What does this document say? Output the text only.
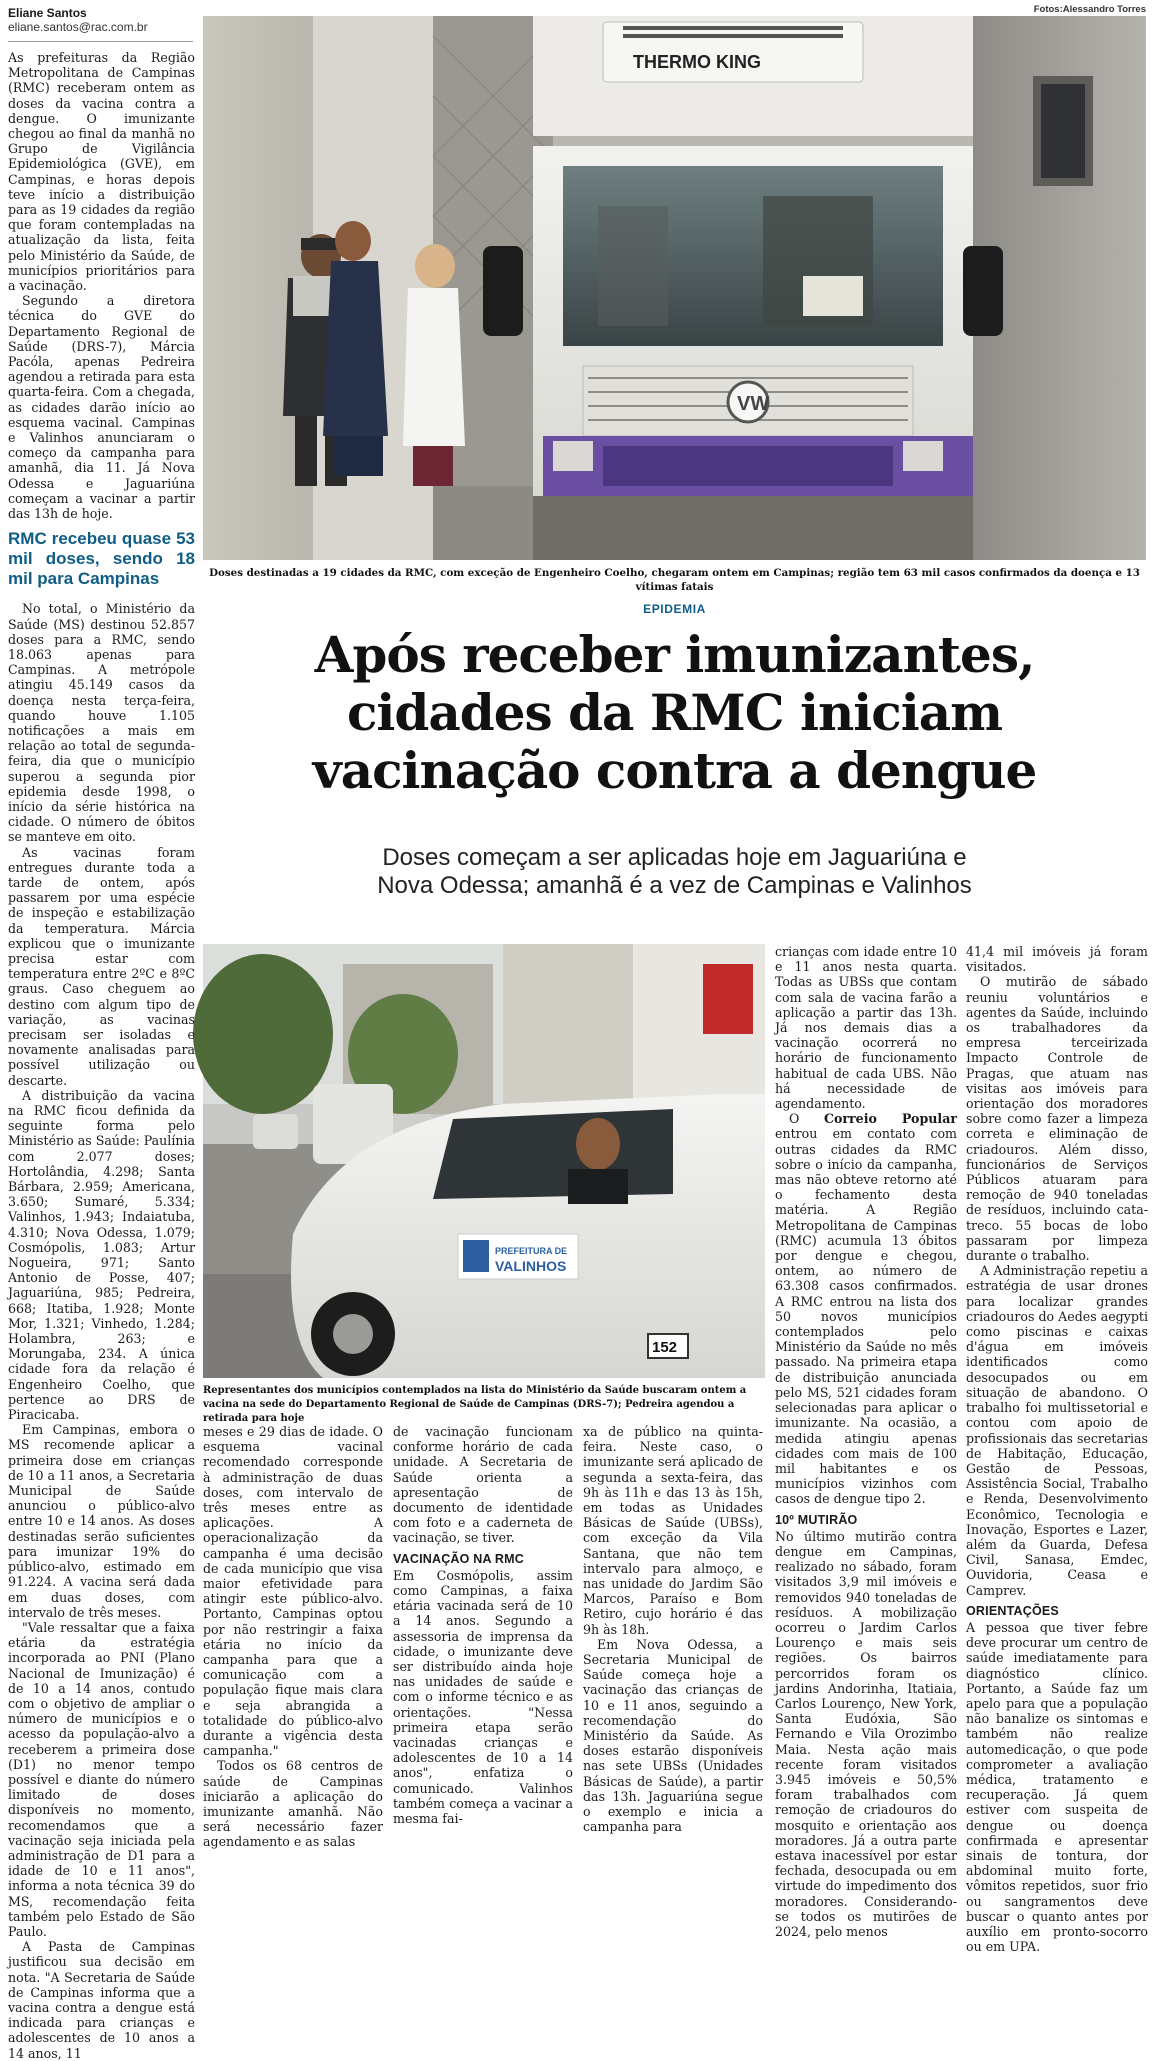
Eliane Santos
eliane.santos@rac.com.br
Fotos:Alessandro Torres
THERMO KING
VW
Doses destinadas a 19 cidades da RMC, com exceção de Engenheiro Coelho, chegaram ontem em Campinas; região tem 63 mil casos confirmados da doença e 13 vítimas fatais
EPIDEMIA
Após receber imunizantes,
cidades da RMC iniciam
vacinação contra a dengue
Doses começam a ser aplicadas hoje em Jaguariúna e
Nova Odessa; amanhã é a vez de Campinas e Valinhos
PREFEITURA DE
VALINHOS
152
Representantes dos municípios contemplados na lista do Ministério da Saúde buscaram ontem a vacina na sede do Departamento Regional de Saúde de Campinas (DRS-7); Pedreira agendou a retirada para hoje

As prefeituras da Região Metropolitana de Campinas (RMC) receberam ontem as doses da vacina contra a dengue. O imunizante chegou ao final da manhã no Grupo de Vigilância Epidemiológica (GVE), em Campinas, e horas depois teve início a distribuição para as 19 cidades da região que foram contempladas na atualização da lista, feita pelo Ministério da Saúde, de municípios prioritários para a vacinação.

Segundo a diretora técnica do GVE do Departamento Regional de Saúde (DRS-7), Márcia Pacóla, apenas Pedreira agendou a retirada para esta quarta-feira. Com a chegada, as cidades darão início ao esquema vacinal. Campinas e Valinhos anunciaram o começo da campanha para amanhã, dia 11. Já Nova Odessa e Jaguariúna começam a vacinar a partir das 13h de hoje.

RMC recebeu quase 53 mil doses, sendo 18 mil para Campinas

No total, o Ministério da Saúde (MS) destinou 52.857 doses para a RMC, sendo 18.063 apenas para Campinas. A metrópole atingiu 45.149 casos da doença nesta terça-feira, quando houve 1.105 notificações a mais em relação ao total de segunda-feira, dia que o município superou a segunda pior epidemia desde 1998, o início da série histórica na cidade. O número de óbitos se manteve em oito.

As vacinas foram entregues durante toda a tarde de ontem, após passarem por uma espécie de inspeção e estabilização da temperatura. Márcia explicou que o imunizante precisa estar com temperatura entre 2ºC e 8ºC graus. Caso cheguem ao destino com algum tipo de variação, as vacinas precisam ser isoladas e novamente analisadas para possível utilização ou descarte.

A distribuição da vacina na RMC ficou definida da seguinte forma pelo Ministério as Saúde: Paulínia com 2.077 doses; Hortolândia, 4.298; Santa Bárbara, 2.959; Americana, 3.650; Sumaré, 5.334; Valinhos, 1.943; Indaiatuba, 4.310; Nova Odessa, 1.079; Cosmópolis, 1.083; Artur Nogueira, 971; Santo Antonio de Posse, 407; Jaguariúna, 985; Pedreira, 668; Itatiba, 1.928; Monte Mor, 1.321; Vinhedo, 1.284; Holambra, 263; e Morungaba, 234. A única cidade fora da relação é Engenheiro Coelho, que pertence ao DRS de Piracicaba.

Em Campinas, embora o MS recomende aplicar a primeira dose em crianças de 10 a 11 anos, a Secretaria Municipal de Saúde anunciou o público-alvo entre 10 e 14 anos. As doses destinadas serão suficientes para imunizar 19% do público-alvo, estimado em 91.224. A vacina será dada em duas doses, com intervalo de três meses.

"Vale ressaltar que a faixa etária da estratégia incorporada ao PNI (Plano Nacional de Imunização) é de 10 a 14 anos, contudo com o objetivo de ampliar o número de municípios e o acesso da população-alvo a receberem a primeira dose (D1) no menor tempo possível e diante do número limitado de doses disponíveis no momento, recomendamos que a vacinação seja iniciada pela administração de D1 para a idade de 10 e 11 anos", informa a nota técnica 39 do MS, recomendação feita também pelo Estado de São Paulo.

A Pasta de Campinas justificou sua decisão em nota. "A Secretaria de Saúde de Campinas informa que a vacina contra a dengue está indicada para crianças e adolescentes de 10 anos a 14 anos, 11

meses e 29 dias de idade. O esquema vacinal recomendado corresponde à administração de duas doses, com intervalo de três meses entre as aplicações. A operacionalização da campanha é uma decisão de cada município que visa maior efetividade para atingir este público-alvo. Portanto, Campinas optou por não restringir a faixa etária no início da campanha para que a comunicação com a população fique mais clara e seja abrangida a totalidade do público-alvo durante a vigência desta campanha."

Todos os 68 centros de saúde de Campinas iniciarão a aplicação do imunizante amanhã. Não será necessário fazer agendamento e as salas

de vacinação funcionam conforme horário de cada unidade. A Secretaria de Saúde orienta a apresentação de documento de identidade com foto e a caderneta de vacinação, se tiver.

VACINAÇÃO NA RMC

Em Cosmópolis, assim como Campinas, a faixa etária vacinada será de 10 a 14 anos. Segundo a assessoria de imprensa da cidade, o imunizante deve ser distribuído ainda hoje nas unidades de saúde e com o informe técnico e as orientações. "Nessa primeira etapa serão vacinadas crianças e adolescentes de 10 a 14 anos", enfatiza o comunicado. Valinhos também começa a vacinar a mesma fai-

xa de público na quinta-feira. Neste caso, o imunizante será aplicado de segunda a sexta-feira, das 9h às 11h e das 13 às 15h, em todas as Unidades Básicas de Saúde (UBSs), com exceção da Vila Santana, que não tem intervalo para almoço, e nas unidade do Jardim São Marcos, Paraíso e Bom Retiro, cujo horário é das 9h às 18h.

Em Nova Odessa, a Secretaria Municipal de Saúde começa hoje a vacinação das crianças de 10 e 11 anos, seguindo a recomendação do Ministério da Saúde. As doses estarão disponíveis nas sete UBSs (Unidades Básicas de Saúde), a partir das 13h. Jaguariúna segue o exemplo e inicia a campanha para

crianças com idade entre 10 e 11 anos nesta quarta. Todas as UBSs que contam com sala de vacina farão a aplicação a partir das 13h. Já nos demais dias a vacinação ocorrerá no horário de funcionamento habitual de cada UBS. Não há necessidade de agendamento.

O Correio Popular entrou em contato com outras cidades da RMC sobre o início da campanha, mas não obteve retorno até o fechamento desta matéria. A Região Metropolitana de Campinas (RMC) acumula 13 óbitos por dengue e chegou, ontem, ao número de 63.308 casos confirmados. A RMC entrou na lista dos 50 novos municípios contemplados pelo Ministério da Saúde no mês passado. Na primeira etapa de distribuição anunciada pelo MS, 521 cidades foram selecionadas para aplicar o imunizante. Na ocasião, a medida atingiu apenas cidades com mais de 100 mil habitantes e os municípios vizinhos com casos de dengue tipo 2.

10º MUTIRÃO

No último mutirão contra dengue em Campinas, realizado no sábado, foram visitados 3,9 mil imóveis e removidos 940 toneladas de resíduos. A mobilização ocorreu o Jardim Carlos Lourenço e mais seis regiões. Os bairros percorridos foram os jardins Andorinha, Itatiaia, Carlos Lourenço, New York, Santa Eudóxia, São Fernando e Vila Orozimbo Maia. Nesta ação mais recente foram visitados 3.945 imóveis e 50,5% foram trabalhados com remoção de criadouros do mosquito e orientação aos moradores. Já a outra parte estava inacessível por estar fechada, desocupada ou em virtude do impedimento dos moradores. Considerando-se todos os mutirões de 2024, pelo menos

41,4 mil imóveis já foram visitados.

O mutirão de sábado reuniu voluntários e agentes da Saúde, incluindo os trabalhadores da empresa terceirizada Impacto Controle de Pragas, que atuam nas visitas aos imóveis para orientação dos moradores sobre como fazer a limpeza correta e eliminação de criadouros. Além disso, funcionários de Serviços Públicos atuaram para remoção de 940 toneladas de resíduos, incluindo cata-treco. 55 bocas de lobo passaram por limpeza durante o trabalho.

A Administração repetiu a estratégia de usar drones para localizar grandes criadouros do Aedes aegypti como piscinas e caixas d'água em imóveis identificados como desocupados ou em situação de abandono. O trabalho foi multissetorial e contou com apoio de profissionais das secretarias de Habitação, Educação, Gestão de Pessoas, Assistência Social, Trabalho e Renda, Desenvolvimento Econômico, Tecnologia e Inovação, Esportes e Lazer, além da Guarda, Defesa Civil, Sanasa, Emdec, Ouvidoria, Ceasa e Camprev.

ORIENTAÇÕES

A pessoa que tiver febre deve procurar um centro de saúde imediatamente para diagnóstico clínico. Portanto, a Saúde faz um apelo para que a população não banalize os sintomas e também não realize automedicação, o que pode comprometer a avaliação médica, tratamento e recuperação. Já quem estiver com suspeita de dengue ou doença confirmada e apresentar sinais de tontura, dor abdominal muito forte, vômitos repetidos, suor frio ou sangramentos deve buscar o quanto antes por auxílio em pronto-socorro ou em UPA.
